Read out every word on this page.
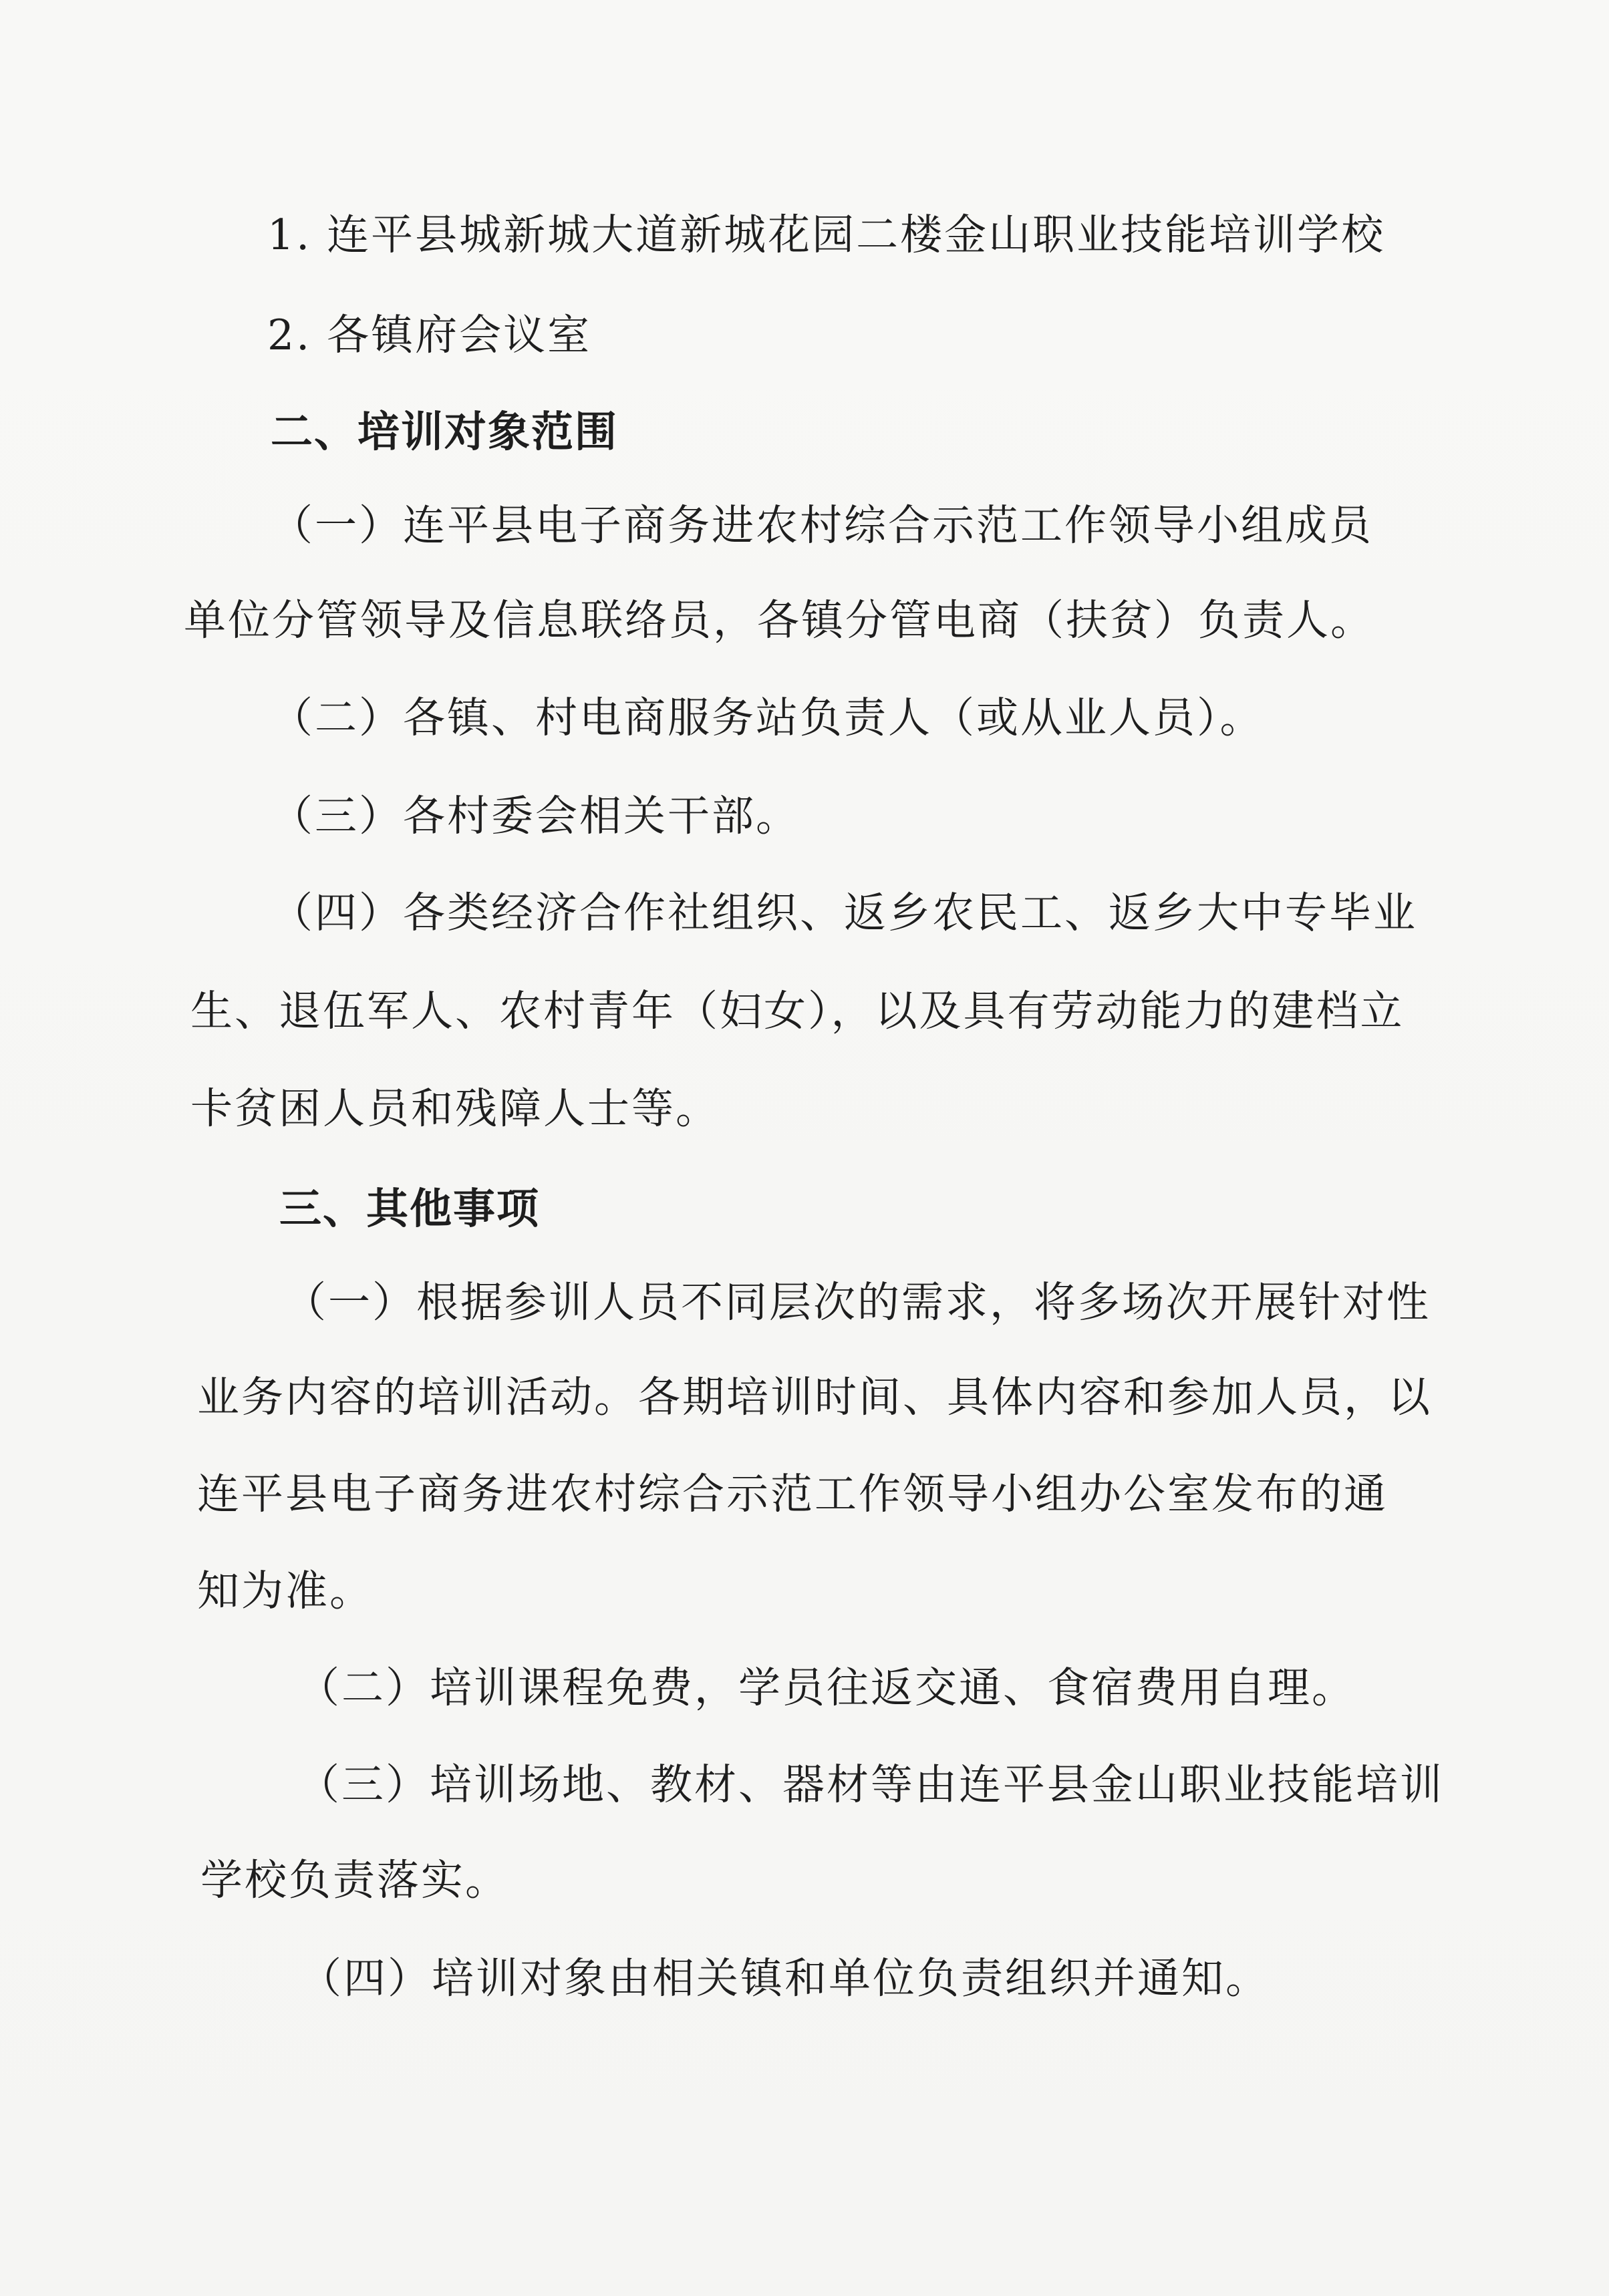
1. 连平县城新城大道新城花园二楼金山职业技能培训学校
2. 各镇府会议室
二、培训对象范围
（一）连平县电子商务进农村综合示范工作领导小组成员
单位分管领导及信息联络员，各镇分管电商（扶贫）负责人。
（二）各镇、村电商服务站负责人（或从业人员）。
（三）各村委会相关干部。
（四）各类经济合作社组织、返乡农民工、返乡大中专毕业
生、退伍军人、农村青年（妇女），以及具有劳动能力的建档立
卡贫困人员和残障人士等。
三、其他事项
（一）根据参训人员不同层次的需求，将多场次开展针对性
业务内容的培训活动。各期培训时间、具体内容和参加人员，以
连平县电子商务进农村综合示范工作领导小组办公室发布的通
知为准。
（二）培训课程免费，学员往返交通、食宿费用自理。
（三）培训场地、教材、器材等由连平县金山职业技能培训
学校负责落实。
（四）培训对象由相关镇和单位负责组织并通知。
